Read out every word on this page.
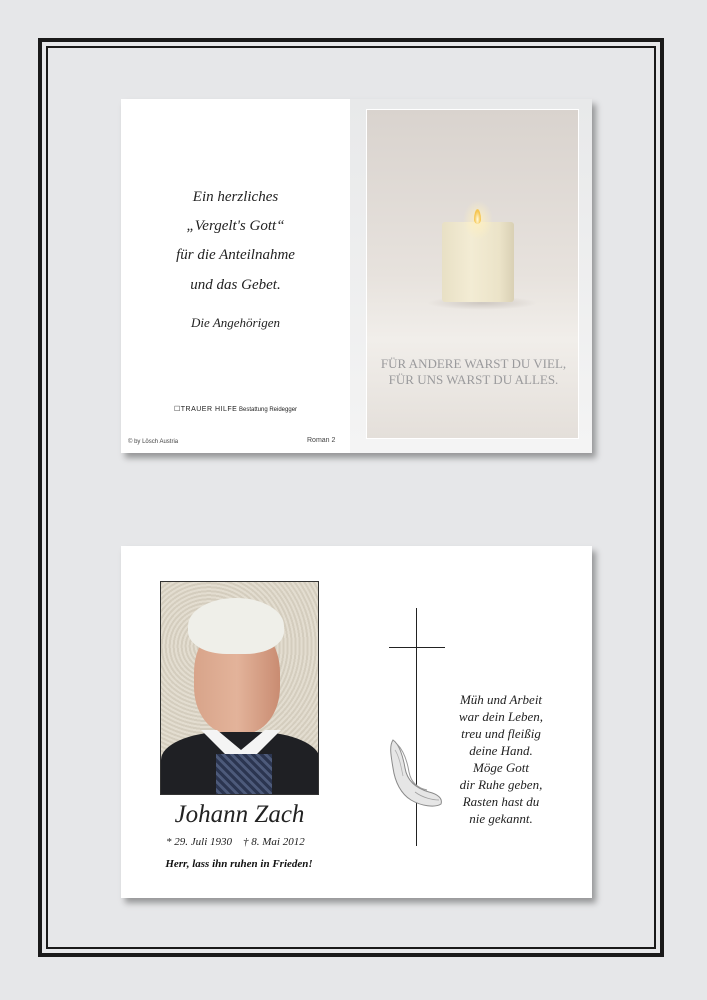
Ein herzliches
„Vergelt's Gott“
für die Anteilnahme
und das Gebet.
Die Angehörigen
☐TRAUER HILFE Bestattung Reidegger
© by Lösch Austria	Roman 2
FÜR ANDERE WARST DU VIEL,
FÜR UNS WARST DU ALLES.
Johann Zach
* 29. Juli 1930    † 8. Mai 2012
Herr, lass ihn ruhen in Frieden!
Müh und Arbeit
war dein Leben,
treu und fleißig
deine Hand.
Möge Gott
dir Ruhe geben,
Rasten hast du
nie gekannt.
